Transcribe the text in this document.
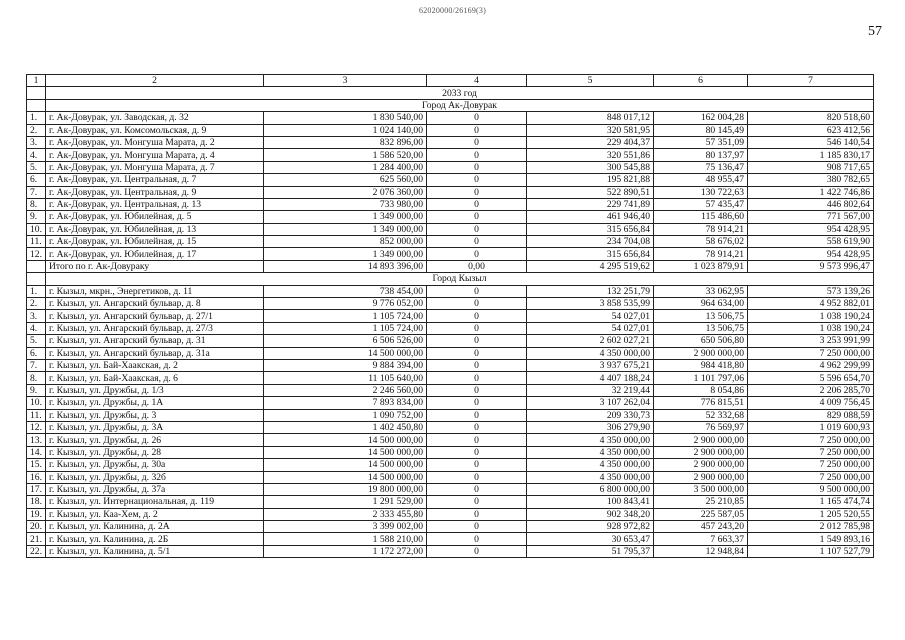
62020000/26169(3)
57
1	2	3	4	5	6	7
	2033 год					
	Город Ак-Довурак					
1.	г. Ак-Довурак, ул. Заводская, д. 32	1 830 540,00	0	848 017,12	162 004,28	820 518,60
2.	г. Ак-Довурак, ул. Комсомольская, д. 9	1 024 140,00	0	320 581,95	80 145,49	623 412,56
3.	г. Ак-Довурак, ул. Монгуша Марата, д. 2	832 896,00	0	229 404,37	57 351,09	546 140,54
4.	г. Ак-Довурак, ул. Монгуша Марата, д. 4	1 586 520,00	0	320 551,86	80 137,97	1 185 830,17
5.	г. Ак-Довурак, ул. Монгуша Марата, д. 7	1 284 400,00	0	300 545,88	75 136,47	908 717,65
6.	г. Ак-Довурак, ул. Центральная, д. 7	625 560,00	0	195 821,88	48 955,47	380 782,65
7.	г. Ак-Довурак, ул. Центральная, д. 9	2 076 360,00	0	522 890,51	130 722,63	1 422 746,86
8.	г. Ак-Довурак, ул. Центральная, д. 13	733 980,00	0	229 741,89	57 435,47	446 802,64
9.	г. Ак-Довурак, ул. Юбилейная, д. 5	1 349 000,00	0	461 946,40	115 486,60	771 567,00
10.	г. Ак-Довурак, ул. Юбилейная, д. 13	1 349 000,00	0	315 656,84	78 914,21	954 428,95
11.	г. Ак-Довурак, ул. Юбилейная, д. 15	852 000,00	0	234 704,08	58 676,02	558 619,90
12.	г. Ак-Довурак, ул. Юбилейная, д. 17	1 349 000,00	0	315 656,84	78 914,21	954 428,95
	Итого по г. Ак-Довураку	14 893 396,00	0,00	4 295 519,62	1 023 879,91	9 573 996,47
	Город Кызыл					
1.	г. Кызыл, мкрн., Энергетиков, д. 11	738 454,00	0	132 251,79	33 062,95	573 139,26
2.	г. Кызыл, ул. Ангарский бульвар, д. 8	9 776 052,00	0	3 858 535,99	964 634,00	4 952 882,01
3.	г. Кызыл, ул. Ангарский бульвар, д. 27/1	1 105 724,00	0	54 027,01	13 506,75	1 038 190,24
4.	г. Кызыл, ул. Ангарский бульвар, д. 27/3	1 105 724,00	0	54 027,01	13 506,75	1 038 190,24
5.	г. Кызыл, ул. Ангарский бульвар, д. 31	6 506 526,00	0	2 602 027,21	650 506,80	3 253 991,99
6.	г. Кызыл, ул. Ангарский бульвар, д. 31а	14 500 000,00	0	4 350 000,00	2 900 000,00	7 250 000,00
7.	г. Кызыл, ул. Бай-Хаакская, д. 2	9 884 394,00	0	3 937 675,21	984 418,80	4 962 299,99
8.	г. Кызыл, ул. Бай-Хаакская, д. 6	11 105 640,00	0	4 407 188,24	1 101 797,06	5 596 654,70
9.	г. Кызыл, ул. Дружбы, д. 1/3	2 246 560,00	0	32 219,44	8 054,86	2 206 285,70
10.	г. Кызыл, ул. Дружбы, д. 1А	7 893 834,00	0	3 107 262,04	776 815,51	4 009 756,45
11.	г. Кызыл, ул. Дружбы, д. 3	1 090 752,00	0	209 330,73	52 332,68	829 088,59
12.	г. Кызыл, ул. Дружбы, д. 3А	1 402 450,80	0	306 279,90	76 569,97	1 019 600,93
13.	г. Кызыл, ул. Дружбы, д. 26	14 500 000,00	0	4 350 000,00	2 900 000,00	7 250 000,00
14.	г. Кызыл, ул. Дружбы, д. 28	14 500 000,00	0	4 350 000,00	2 900 000,00	7 250 000,00
15.	г. Кызыл, ул. Дружбы, д. 30а	14 500 000,00	0	4 350 000,00	2 900 000,00	7 250 000,00
16.	г. Кызыл, ул. Дружбы, д. 32б	14 500 000,00	0	4 350 000,00	2 900 000,00	7 250 000,00
17.	г. Кызыл, ул. Дружбы, д. 37а	19 800 000,00	0	6 800 000,00	3 500 000,00	9 500 000,00
18.	г. Кызыл, ул. Интернациональная, д. 119	1 291 529,00	0	100 843,41	25 210,85	1 165 474,74
19.	г. Кызыл, ул. Каа-Хем, д. 2	2 333 455,80	0	902 348,20	225 587,05	1 205 520,55
20.	г. Кызыл, ул. Калинина, д. 2А	3 399 002,00	0	928 972,82	457 243,20	2 012 785,98
21.	г. Кызыл, ул. Калинина, д. 2Б	1 588 210,00	0	30 653,47	7 663,37	1 549 893,16
22.	г. Кызыл, ул. Калинина, д. 5/1	1 172 272,00	0	51 795,37	12 948,84	1 107 527,79
